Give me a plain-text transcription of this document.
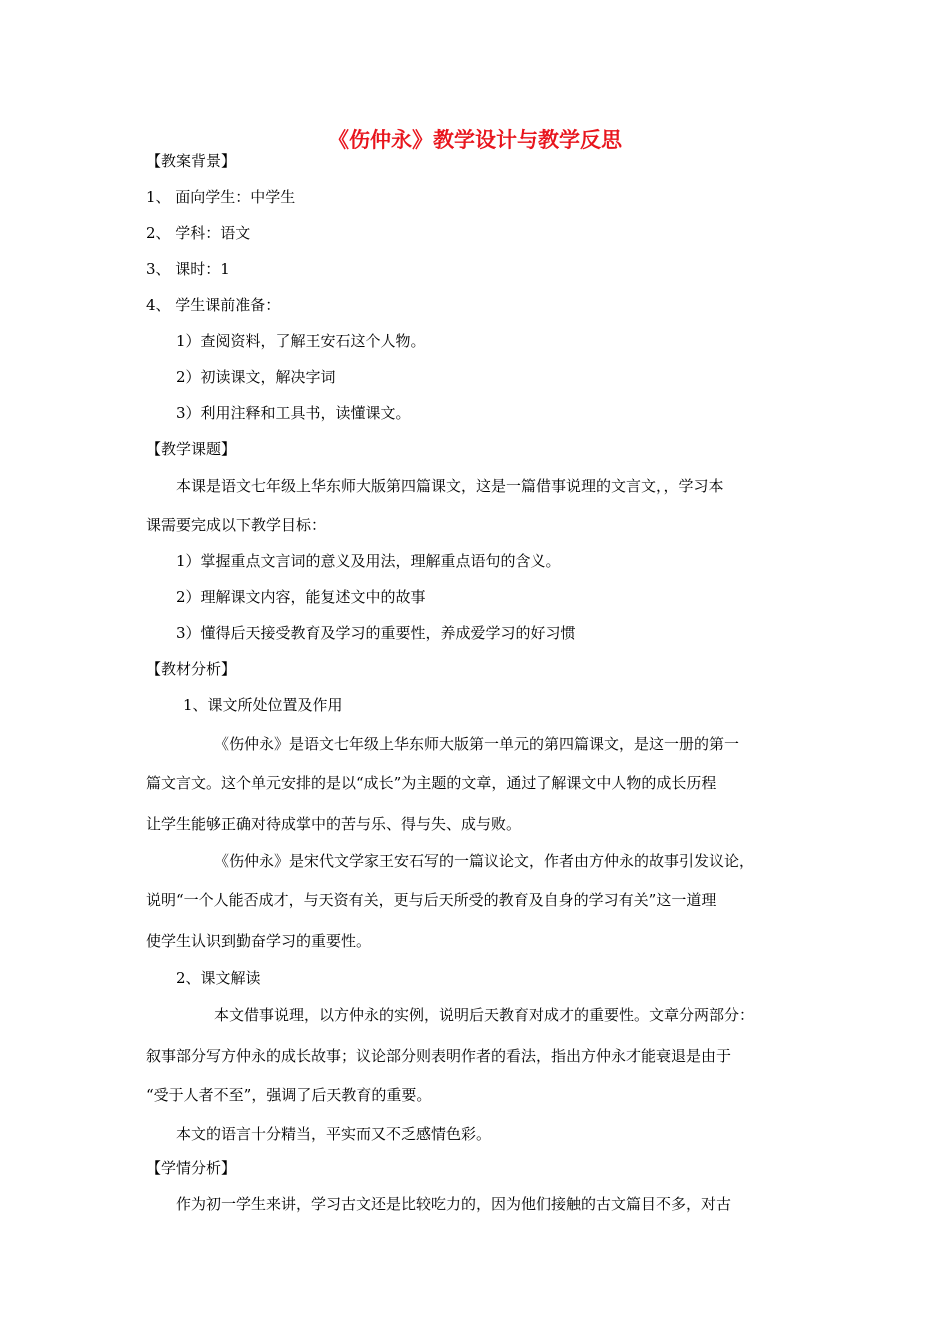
《伤仲永》教学设计与教学反思
【教案背景】
1、 面向学生：中学生
2、 学科：语文
3、 课时：1
4、 学生课前准备：
1）查阅资料，了解王安石这个人物。
2）初读课文，解决字词
3）利用注释和工具书，读懂课文。
【教学课题】
本课是语文七年级上华东师大版第四篇课文，这是一篇借事说理的文言文，，学习本
课需要完成以下教学目标：
1）掌握重点文言词的意义及用法，理解重点语句的含义。
2）理解课文内容，能复述文中的故事
3）懂得后天接受教育及学习的重要性，养成爱学习的好习惯
【教材分析】
1、课文所处位置及作用
《伤仲永》是语文七年级上华东师大版第一单元的第四篇课文，是这一册的第一
篇文言文。这个单元安排的是以“成长”为主题的文章，通过了解课文中人物的成长历程
让学生能够正确对待成掌中的苦与乐、得与失、成与败。
《伤仲永》是宋代文学家王安石写的一篇议论文，作者由方仲永的故事引发议论，
说明“一个人能否成才，与天资有关，更与后天所受的教育及自身的学习有关”这一道理
使学生认识到勤奋学习的重要性。
2、课文解读
本文借事说理，以方仲永的实例，说明后天教育对成才的重要性。文章分两部分：
叙事部分写方仲永的成长故事；议论部分则表明作者的看法，指出方仲永才能衰退是由于
“受于人者不至”，强调了后天教育的重要。
本文的语言十分精当，平实而又不乏感情色彩。
【学情分析】
作为初一学生来讲，学习古文还是比较吃力的，因为他们接触的古文篇目不多，对古
